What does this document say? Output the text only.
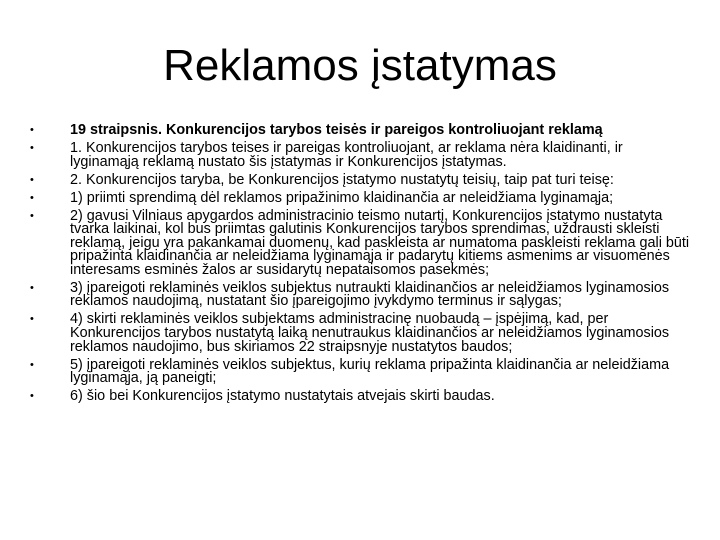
Reklamos įstatymas
•	19 straipsnis. Konkurencijos tarybos teisės ir pareigos kontroliuojant reklamą
•	1. Konkurencijos tarybos teises ir pareigas kontroliuojant, ar reklama nėra klaidinanti, ir lyginamąją reklamą nustato šis įstatymas ir Konkurencijos įstatymas.
•	2. Konkurencijos taryba, be Konkurencijos įstatymo nustatytų teisių, taip pat turi teisę:
•	1) priimti sprendimą dėl reklamos pripažinimo klaidinančia ar neleidžiama lyginamąja;
•	2) gavusi Vilniaus apygardos administracinio teismo nutartį, Konkurencijos įstatymo nustatyta tvarka laikinai, kol bus priimtas galutinis Konkurencijos tarybos sprendimas, uždrausti skleisti reklamą, jeigu yra pakankamai duomenų, kad paskleista ar numatoma paskleisti reklama gali būti pripažinta klaidinančia ar neleidžiama lyginamąja ir padarytų kitiems asmenims ar visuomenės interesams esminės žalos ar susidarytų nepataisomos pasekmės;
•	3) įpareigoti reklaminės veiklos subjektus nutraukti klaidinančios ar neleidžiamos lyginamosios reklamos naudojimą, nustatant šio įpareigojimo įvykdymo terminus ir sąlygas;
•	4) skirti reklaminės veiklos subjektams administracinę nuobaudą – įspėjimą, kad, per Konkurencijos tarybos nustatytą laiką nenutraukus klaidinančios ar neleidžiamos lyginamosios reklamos naudojimo, bus skiriamos 22 straipsnyje nustatytos baudos;
•	5) įpareigoti reklaminės veiklos subjektus, kurių reklama pripažinta klaidinančia ar neleidžiama lyginamąja, ją paneigti;
•	6) šio bei Konkurencijos įstatymo nustatytais atvejais skirti baudas.
